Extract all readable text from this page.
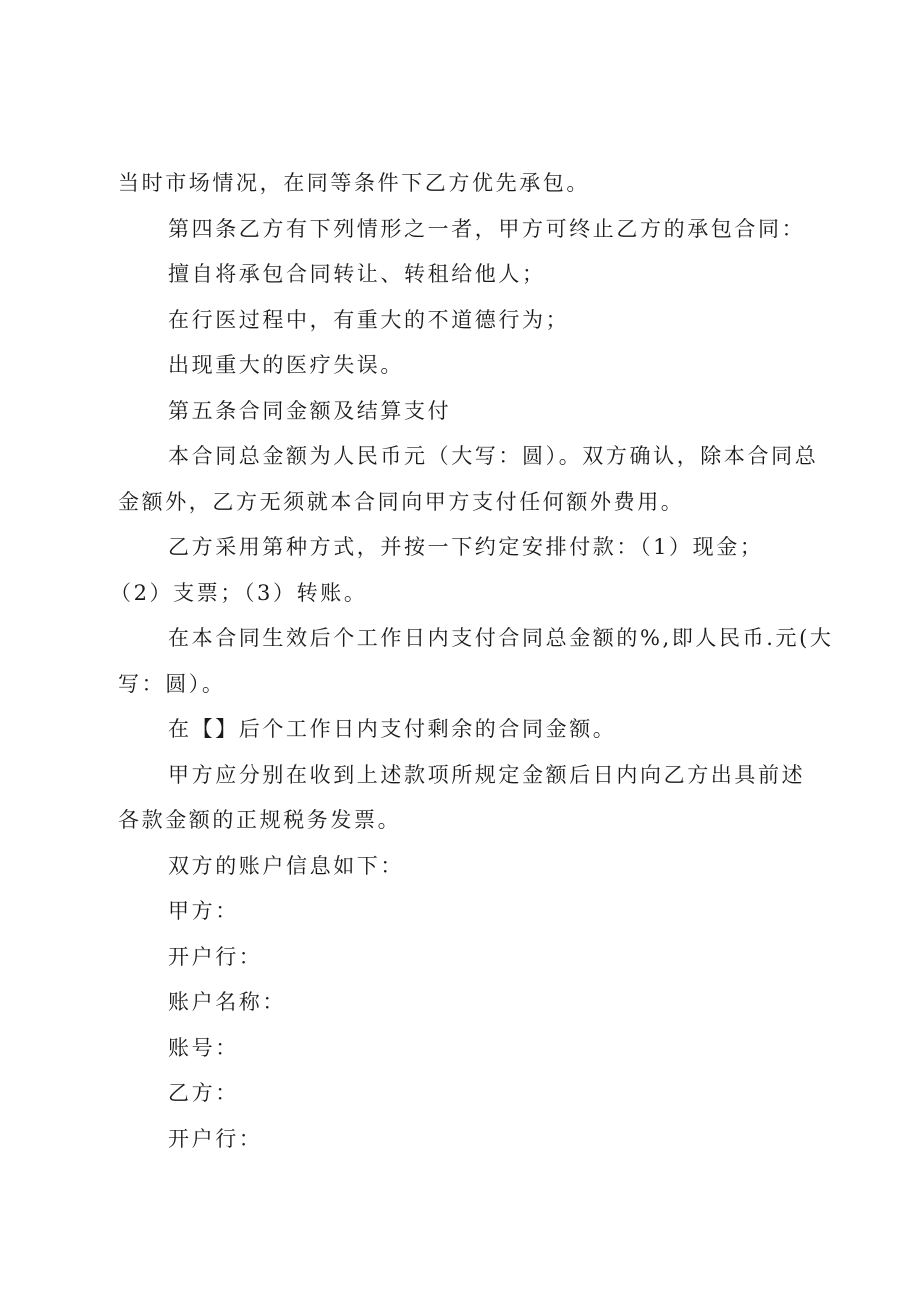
当时市场情况，在同等条件下乙方优先承包。
第四条乙方有下列情形之一者，甲方可终止乙方的承包合同：
擅自将承包合同转让、转租给他人；
在行医过程中，有重大的不道德行为；
出现重大的医疗失误。
第五条合同金额及结算支付
本合同总金额为人民币元（大写：圆）。双方确认，除本合同总
金额外，乙方无须就本合同向甲方支付任何额外费用。
乙方采用第种方式，并按一下约定安排付款：（1）现金；
（2）支票；（3）转账。
在本合同生效后个工作日内支付合同总金额的%,即人民币.元(大
写：圆）。
在【】后个工作日内支付剩余的合同金额。
甲方应分别在收到上述款项所规定金额后日内向乙方出具前述
各款金额的正规税务发票。
双方的账户信息如下：
甲方：
开户行：
账户名称：
账号：
乙方：
开户行：
